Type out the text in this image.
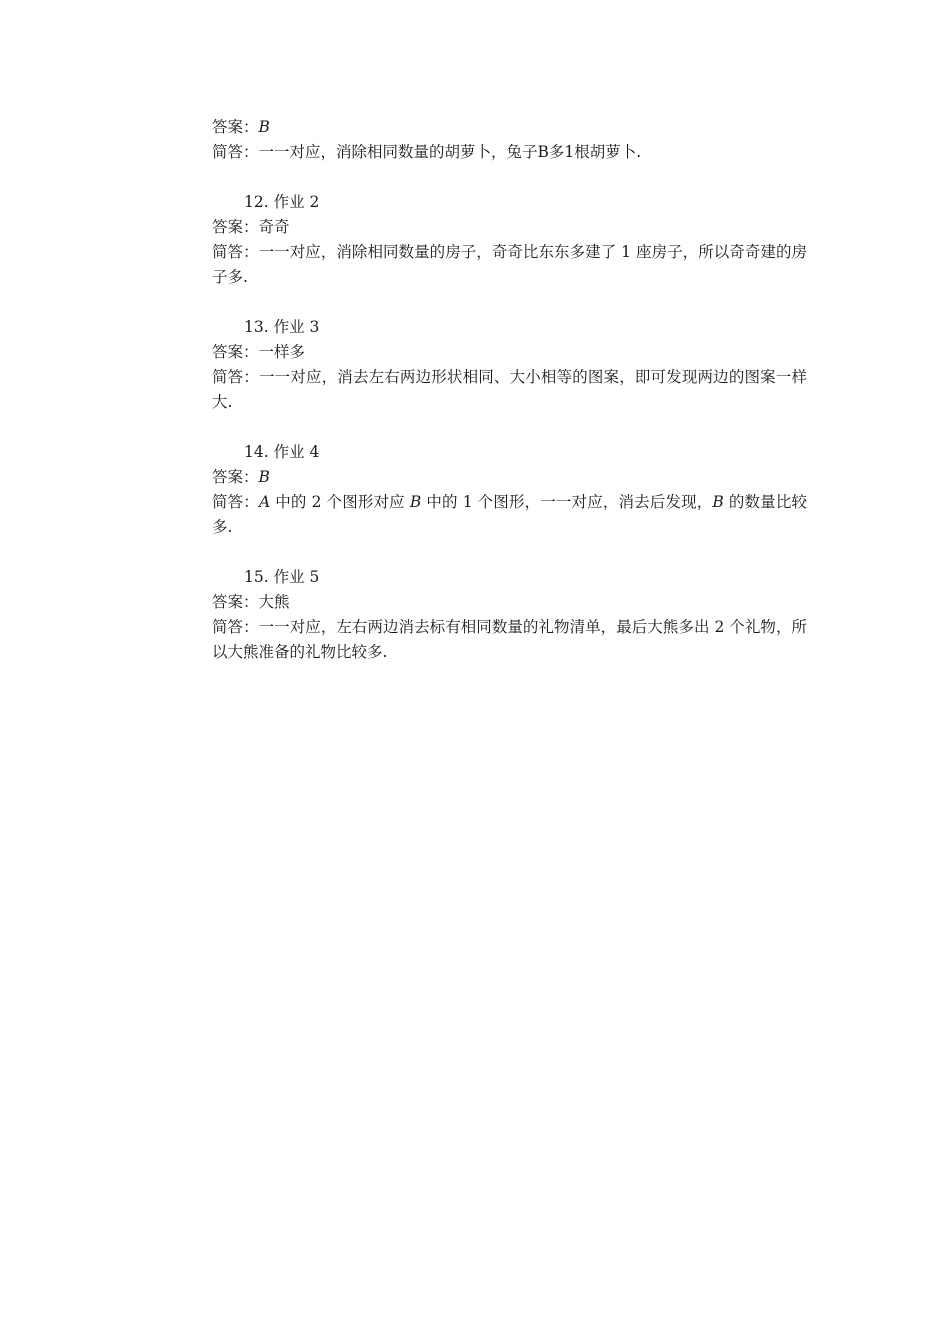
答案：B
简答：一一对应，消除相同数量的胡萝卜，兔子B多1根胡萝卜.
12. 作业 2
答案：奇奇
简答：一一对应，消除相同数量的房子，奇奇比东东多建了 1 座房子，所以奇奇建的房子多.
13. 作业 3
答案：一样多
简答：一一对应，消去左右两边形状相同、大小相等的图案，即可发现两边的图案一样大.
14. 作业 4
答案：B
简答：A 中的 2 个图形对应 B 中的 1 个图形，一一对应，消去后发现，B 的数量比较多.
15. 作业 5
答案：大熊
简答：一一对应，左右两边消去标有相同数量的礼物清单，最后大熊多出 2 个礼物，所以大熊准备的礼物比较多.
